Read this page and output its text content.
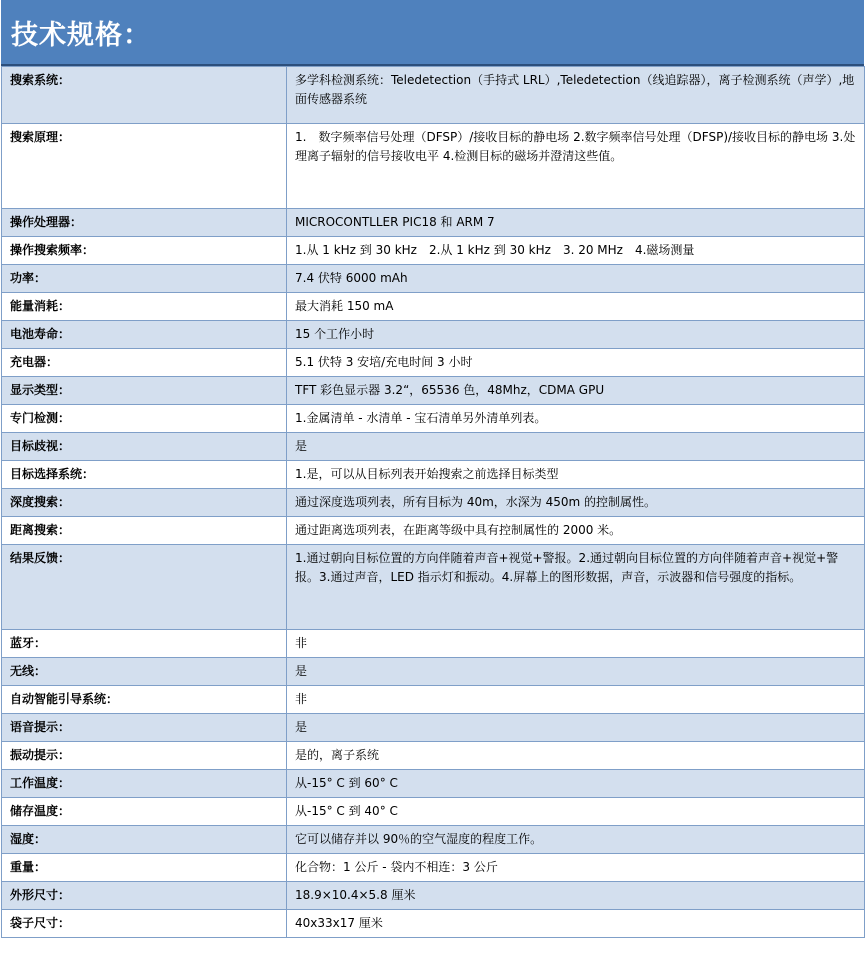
技术规格：
搜索系统：	多学科检测系统：Teledetection（手持式 LRL）,Teledetection（线追踪器），离子检测系统（声学）,地面传感器系统
搜索原理：	1.　数字频率信号处理（DFSP）/接收目标的静电场 2.数字频率信号处理（DFSP)/接收目标的静电场 3.处理离子辐射的信号接收电平 4.检测目标的磁场并澄清这些值。
操作处理器：	MICROCONTLLER PIC18 和 ARM 7
操作搜索频率：	1.从 1 kHz 到 30 kHz　2.从 1 kHz 到 30 kHz　3. 20 MHz　4.磁场测量
功率：	7.4 伏特 6000 mAh
能量消耗：	最大消耗 150 mA
电池寿命：	15 个工作小时
充电器：	5.1 伏特 3 安培/充电时间 3 小时
显示类型：	TFT 彩色显示器 3.2“，65536 色，48Mhz，CDMA GPU
专门检测：	1.金属清单 - 水清单 - 宝石清单另外清单列表。
目标歧视：	是
目标选择系统：	1.是，可以从目标列表开始搜索之前选择目标类型
深度搜索：	通过深度选项列表，所有目标为 40m，水深为 450m 的控制属性。
距离搜索：	通过距离选项列表，在距离等级中具有控制属性的 2000 米。
结果反馈：	1.通过朝向目标位置的方向伴随着声音+视觉+警报。2.通过朝向目标位置的方向伴随着声音+视觉+警报。3.通过声音，LED 指示灯和振动。4.屏幕上的图形数据，声音，示波器和信号强度的指标。
蓝牙：	非
无线：	是
自动智能引导系统：	非
语音提示：	是
振动提示：	是的，离子系统
工作温度：	从-15° C 到 60° C
储存温度：	从-15° C 到 40° C
湿度：	它可以储存并以 90％的空气湿度的程度工作。
重量：	化合物：1 公斤 - 袋内不相连：3 公斤
外形尺寸：	18.9×10.4×5.8 厘米
袋子尺寸：	40x33x17 厘米
